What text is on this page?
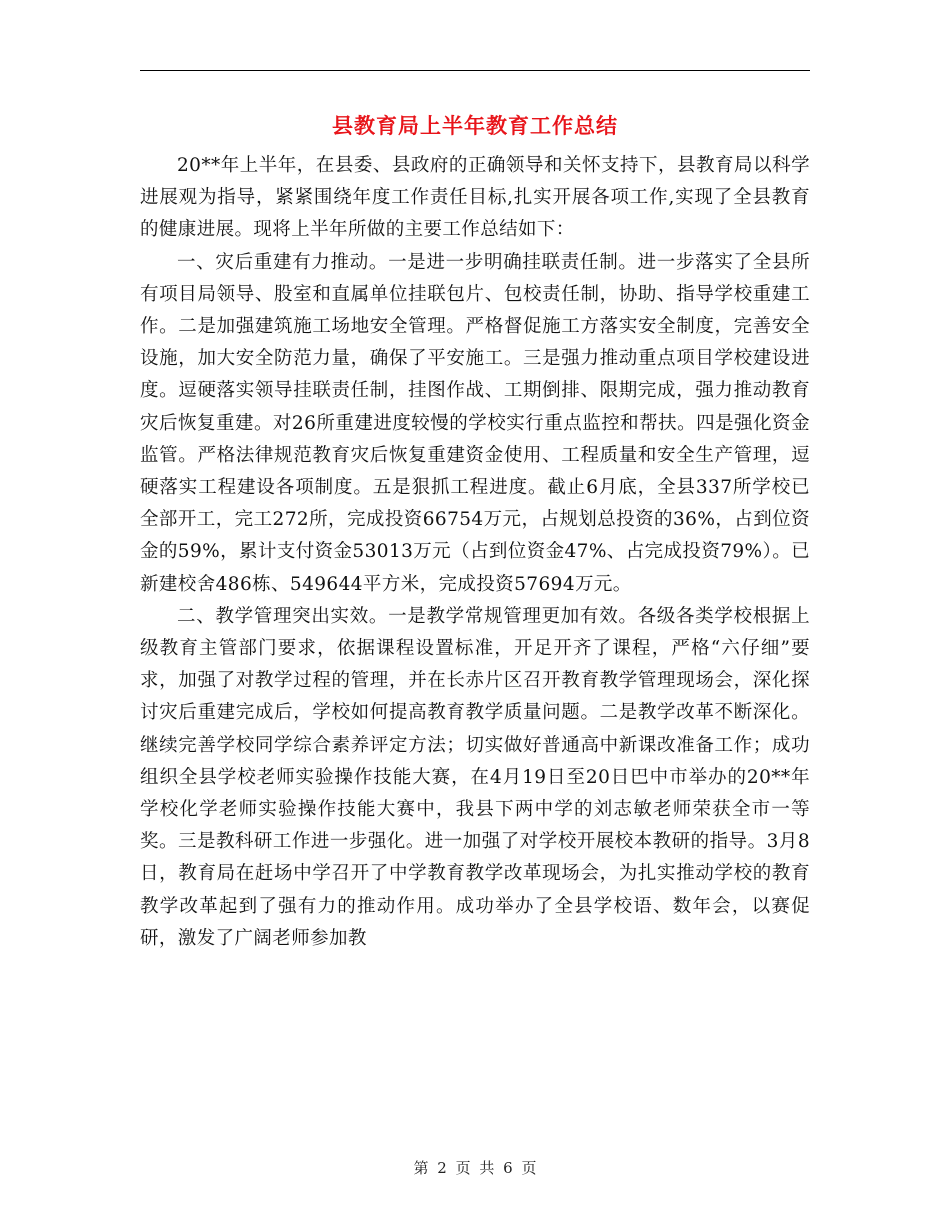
县教育局上半年教育工作总结

20**年上半年，在县委、县政府的正确领导和关怀支持下，县教育局以科学进展观为指导，紧紧围绕年度工作责任目标,扎实开展各项工作,实现了全县教育的健康进展。现将上半年所做的主要工作总结如下：

一、灾后重建有力推动。一是进一步明确挂联责任制。进一步落实了全县所有项目局领导、股室和直属单位挂联包片、包校责任制，协助、指导学校重建工作。二是加强建筑施工场地安全管理。严格督促施工方落实安全制度，完善安全设施，加大安全防范力量，确保了平安施工。三是强力推动重点项目学校建设进度。逗硬落实领导挂联责任制，挂图作战、工期倒排、限期完成，强力推动教育灾后恢复重建。对26所重建进度较慢的学校实行重点监控和帮扶。四是强化资金监管。严格法律规范教育灾后恢复重建资金使用、工程质量和安全生产管理，逗硬落实工程建设各项制度。五是狠抓工程进度。截止6月底，全县337所学校已全部开工，完工272所，完成投资66754万元，占规划总投资的36%，占到位资金的59%，累计支付资金53013万元（占到位资金47%、占完成投资79%）。已新建校舍486栋、549644平方米，完成投资57694万元。

二、教学管理突出实效。一是教学常规管理更加有效。各级各类学校根据上级教育主管部门要求，依据课程设置标准，开足开齐了课程，严格“六仔细”要求，加强了对教学过程的管理，并在长赤片区召开教育教学管理现场会，深化探讨灾后重建完成后，学校如何提高教育教学质量问题。二是教学改革不断深化。继续完善学校同学综合素养评定方法；切实做好普通高中新课改准备工作；成功组织全县学校老师实验操作技能大赛，在4月19日至20日巴中市举办的20**年学校化学老师实验操作技能大赛中，我县下两中学的刘志敏老师荣获全市一等奖。三是教科研工作进一步强化。进一加强了对学校开展校本教研的指导。3月8日，教育局在赶场中学召开了中学教育教学改革现场会，为扎实推动学校的教育教学改革起到了强有力的推动作用。成功举办了全县学校语、数年会，以赛促研，激发了广阔老师参加教

第 2 页 共 6 页
